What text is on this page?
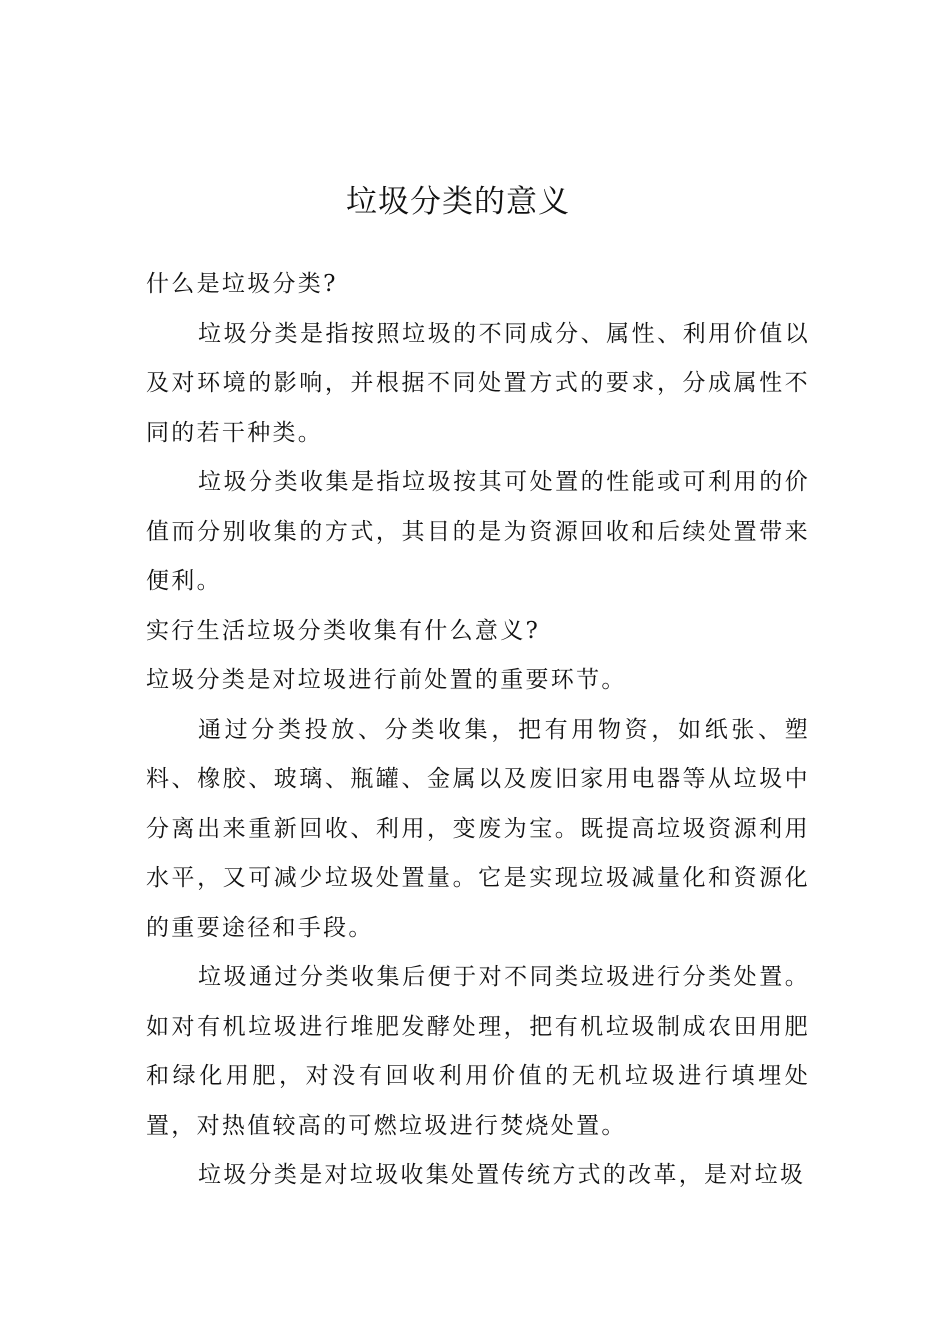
垃圾分类的意义

什么是垃圾分类?

垃圾分类是指按照垃圾的不同成分、属性、利用价值以及对环境的影响，并根据不同处置方式的要求，分成属性不同的若干种类。

垃圾分类收集是指垃圾按其可处置的性能或可利用的价值而分别收集的方式，其目的是为资源回收和后续处置带来便利。

实行生活垃圾分类收集有什么意义?

垃圾分类是对垃圾进行前处置的重要环节。

通过分类投放、分类收集，把有用物资，如纸张、塑料、橡胶、玻璃、瓶罐、金属以及废旧家用电器等从垃圾中分离出来重新回收、利用，变废为宝。既提高垃圾资源利用水平，又可减少垃圾处置量。它是实现垃圾减量化和资源化的重要途径和手段。

垃圾通过分类收集后便于对不同类垃圾进行分类处置。如对有机垃圾进行堆肥发酵处理，把有机垃圾制成农田用肥和绿化用肥，对没有回收利用价值的无机垃圾进行填埋处置，对热值较高的可燃垃圾进行焚烧处置。

垃圾分类是对垃圾收集处置传统方式的改革，是对垃圾
